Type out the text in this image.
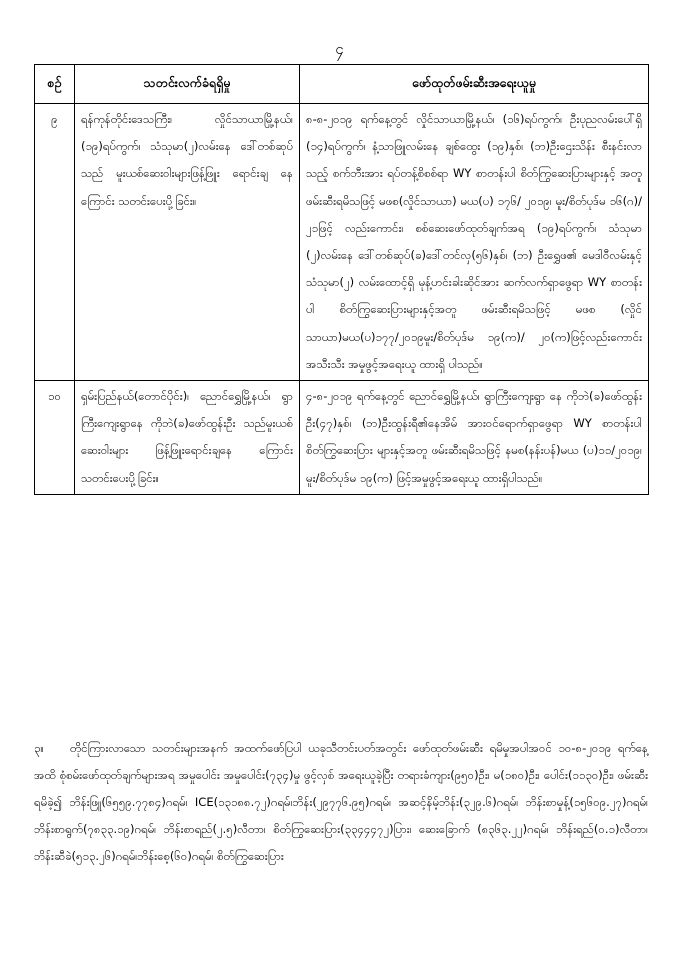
၄
စဉ်	သတင်းလက်ခံရရှိမှု	ဖော်ထုတ်ဖမ်းဆီးအရေးယူမှု
၉	ရန်ကုန်တိုင်းဒေသကြီး၊ လှိုင်သာယာမြို့နယ်၊ (၁၉)ရပ်ကွက်၊ သံသုမာ(၂)လမ်းနေ ဒေါ်တစ်ဆုပ် သည် မူးယစ်ဆေးဝါးများဖြန့်ဖြူး ရောင်းချ နေကြောင်း သတင်းပေးပို့ခြင်း။	၈-၈-၂၀၁၉ ရက်နေ့တွင် လှိုင်သာယာမြို့နယ်၊ (၁၆)ရပ်ကွက်၊ ဦးပုညလမ်းပေါ်ရှိ (၁၄)ရပ်ကွက်၊ နံ့သာဖြူလမ်းနေ ချစ်ထွေး (၁၉)နှစ်၊ (ဘ)ဦးဌေးသိန်း စီးနင်းလာသည့် စက်ဘီးအား ရပ်တန့်စိစစ်ရာ WY စာတန်းပါ စိတ်ကြွဆေးပြားများနှင့် အတူ ဖမ်းဆီးရမိသဖြင့် မဖစ(လှိုင်သာယာ) မယ(ပ) ၁၇၆/ ၂၀၁၉၊ မူး/စိတ်ပုဒ်မ ၁၆(ဂ)/၂၁ဖြင့် လည်းကောင်း၊ စစ်ဆေးဖော်ထုတ်ချက်အရ (၁၉)ရပ်ကွက်၊ သံသုမာ (၂)လမ်းနေ ဒေါ်တစ်ဆုပ်(ခ)ဒေါ်တင်လှ(၅၆)နှစ်၊ (ဘ) ဦးရွှေဖ၏ မေဒါဝီလမ်းနှင့် သံသုမာ(၂) လမ်းထောင့်ရှိ မုန့်ဟင်းခါးဆိုင်အား ဆက်လက်ရှာဖွေရာ WY စာတန်းပါ စိတ်ကြွဆေးပြားများနှင့်အတူ ဖမ်းဆီးရမိသဖြင့် မဖစ (လှိုင်သာယာ)မယ(ပ)၁၇၇/၂၀၁၉မူး/စိတ်ပုဒ်မ ၁၉(က)/ ၂၀(က)ဖြင့်လည်းကောင်း အသီးသီး အမှုဖွင့်အရေးယူ ထားရှိ ပါသည်။
၁၀	ရှမ်းပြည်နယ်(တောင်ပိုင်း)၊ ညောင်ရွှေမြို့နယ်၊ ရွာကြီးကျေးရွာနေ ကိုဘဲ(ခ)ဖော်ထွန်းဦး သည်မူးယစ်ဆေးဝါးများ ဖြန့်ဖြူးရောင်းချနေ ကြောင်း သတင်းပေးပို့ခြင်း။	၄-၈-၂၀၁၉ ရက်နေ့တွင် ညောင်ရွှေမြို့နယ်၊ ရွာကြီးကျေးရွာ နေ ကိုဘဲ(ခ)ဖော်ထွန်းဦး(၄၇)နှစ်၊ (ဘ)ဦးထွန်းရီ၏နေအိမ် အားဝင်ရောက်ရှာဖွေရာ WY စာတန်းပါ စိတ်ကြွဆေးပြား များနှင့်အတူ ဖမ်းဆီးရမိသဖြင့် နမစ(နန်းပန်)မယ (ပ)၁၁/၂၀၁၉၊ မူး/စိတ်ပုဒ်မ ၁၉(က) ဖြင့်အမှုဖွင့်အရေးယူ ထားရှိပါသည်။
၃။ တိုင်ကြားလာသော သတင်းများအနက် အထက်ဖော်ပြပါ ယခုသီတင်းပတ်အတွင်း ဖော်ထုတ်ဖမ်းဆီး ရမိမှုအပါအဝင် ၁၀-၈-၂၀၁၉ ရက်နေ့အထိ စုံစမ်းဖော်ထုတ်ချက်များအရ အမှုပေါင်း အမှုပေါင်း(၇၃၄)မှု ဖွင့်လှစ် အရေးယူခဲ့ပြီး တရားခံကျား(၉၅၀)ဦး၊ မ(၁၈၀)ဦး၊ ပေါင်း(၁၁၃၀)ဦး၊ ဖမ်းဆီးရမိခဲ့၍ ဘိန်းဖြူ(၆၅၅၉.၇၇၈၄)ဂရမ်၊ ICE(၁၃၁၈၈.၇၂)ဂရမ်၊ဘိန်း(၂၉၇၇၆.၉၅)ဂရမ်၊ အဆင့်နိမ့်ဘိန်း(၃၂၉.၆)ဂရမ်၊ ဘိန်းစာမှုန့်(၁၅၆၀၉.၂၇)ဂရမ်၊ ဘိန်းစာရွက်(၇၈၃၃.၁၉)ဂရမ်၊ ဘိန်းစာရည်(၂.၅)လီတာ၊ စိတ်ကြွဆေးပြား(၃၃၄၄၄၇၂)ပြား၊ ဆေးခြောက် (၈၃၆၃.၂၂)ဂရမ်၊ ဘိန်းရည်(၀.၁)လီတာ၊ ဘိန်းဆီခဲ(၅၁၃.၂၆)ဂရမ်၊ဘိန်းစေ့(၆၀)ဂရမ်၊ စိတ်ကြွဆေးပြား
